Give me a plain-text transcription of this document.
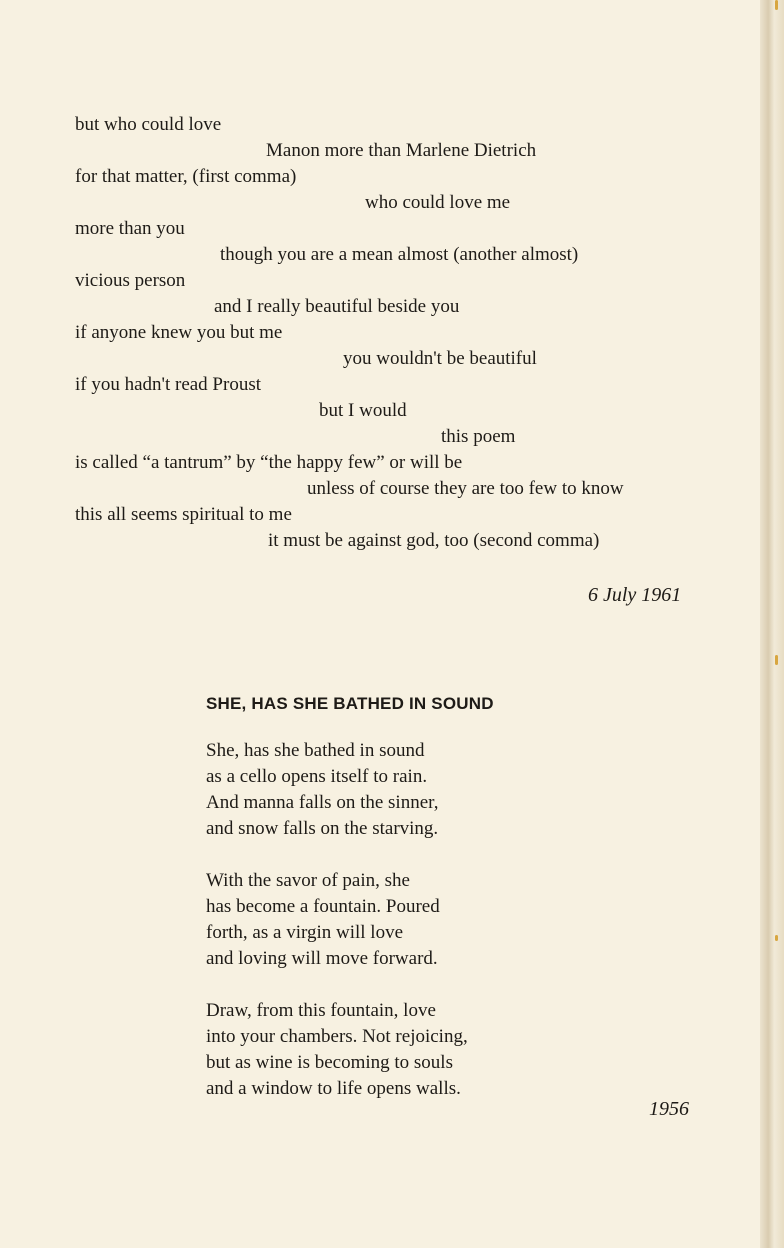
but who could love
Manon more than Marlene Dietrich
for that matter, (first comma)
who could love me
more than you
though you are a mean almost (another almost)
vicious person
and I really beautiful beside you
if anyone knew you but me
you wouldn't be beautiful
if you hadn't read Proust
but I would
this poem
is called “a tantrum” by “the happy few” or will be
unless of course they are too few to know
this all seems spiritual to me
it must be against god, too (second comma)
6 July 1961
SHE, HAS SHE BATHED IN SOUND
She, has she bathed in sound
as a cello opens itself to rain.
And manna falls on the sinner,
and snow falls on the starving.
With the savor of pain, she
has become a fountain. Poured
forth, as a virgin will love
and loving will move forward.
Draw, from this fountain, love
into your chambers. Not rejoicing,
but as wine is becoming to souls
and a window to life opens walls.
1956
